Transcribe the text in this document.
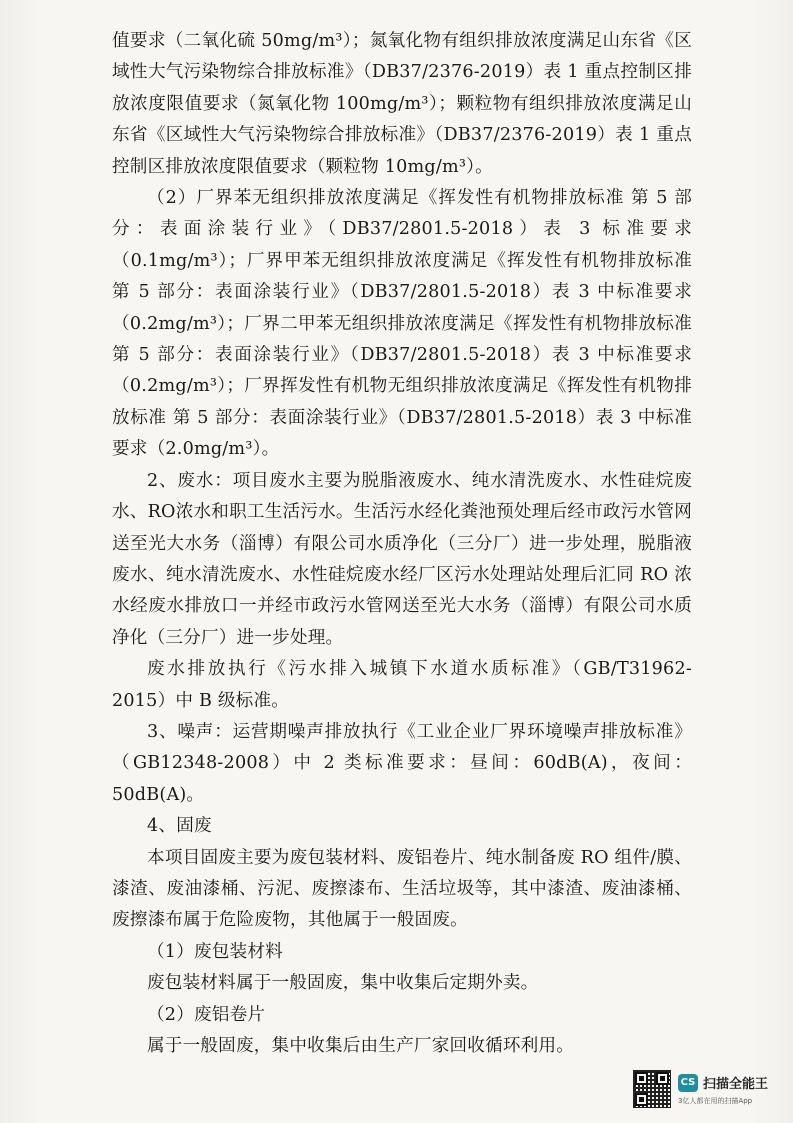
值要求（二氧化硫 50mg/m³）；氮氧化物有组织排放浓度满足山东省《区域性大气污染物综合排放标准》（DB37/2376-2019）表 1 重点控制区排放浓度限值要求（氮氧化物 100mg/m³）；颗粒物有组织排放浓度满足山东省《区域性大气污染物综合排放标准》（DB37/2376-2019）表 1 重点控制区排放浓度限值要求（颗粒物 10mg/m³）。

（2）厂界苯无组织排放浓度满足《挥发性有机物排放标准 第 5 部分：表面涂装行业》（DB37/2801.5-2018）表 3 标准要求（0.1mg/m³）；厂界甲苯无组织排放浓度满足《挥发性有机物排放标准 第 5 部分：表面涂装行业》（DB37/2801.5-2018）表 3 中标准要求（0.2mg/m³）；厂界二甲苯无组织排放浓度满足《挥发性有机物排放标准 第 5 部分：表面涂装行业》（DB37/2801.5-2018）表 3 中标准要求（0.2mg/m³）；厂界挥发性有机物无组织排放浓度满足《挥发性有机物排放标准 第 5 部分：表面涂装行业》（DB37/2801.5-2018）表 3 中标准要求（2.0mg/m³）。

2、废水：项目废水主要为脱脂液废水、纯水清洗废水、水性硅烷废水、RO浓水和职工生活污水。生活污水经化粪池预处理后经市政污水管网送至光大水务（淄博）有限公司水质净化（三分厂）进一步处理，脱脂液废水、纯水清洗废水、水性硅烷废水经厂区污水处理站处理后汇同 RO 浓水经废水排放口一并经市政污水管网送至光大水务（淄博）有限公司水质净化（三分厂）进一步处理。

废水排放执行《污水排入城镇下水道水质标准》（GB/T31962-2015）中 B 级标准。

3、噪声：运营期噪声排放执行《工业企业厂界环境噪声排放标准》（GB12348-2008）中 2 类标准要求：昼间：60dB(A)，夜间：50dB(A)。

4、固废

本项目固废主要为废包装材料、废铝卷片、纯水制备废 RO 组件/膜、漆渣、废油漆桶、污泥、废擦漆布、生活垃圾等，其中漆渣、废油漆桶、废擦漆布属于危险废物，其他属于一般固废。

（1）废包装材料

废包装材料属于一般固废，集中收集后定期外卖。

（2）废铝卷片

属于一般固废，集中收集后由生产厂家回收循环利用。

CS 扫描全能王
3亿人都在用的扫描App
